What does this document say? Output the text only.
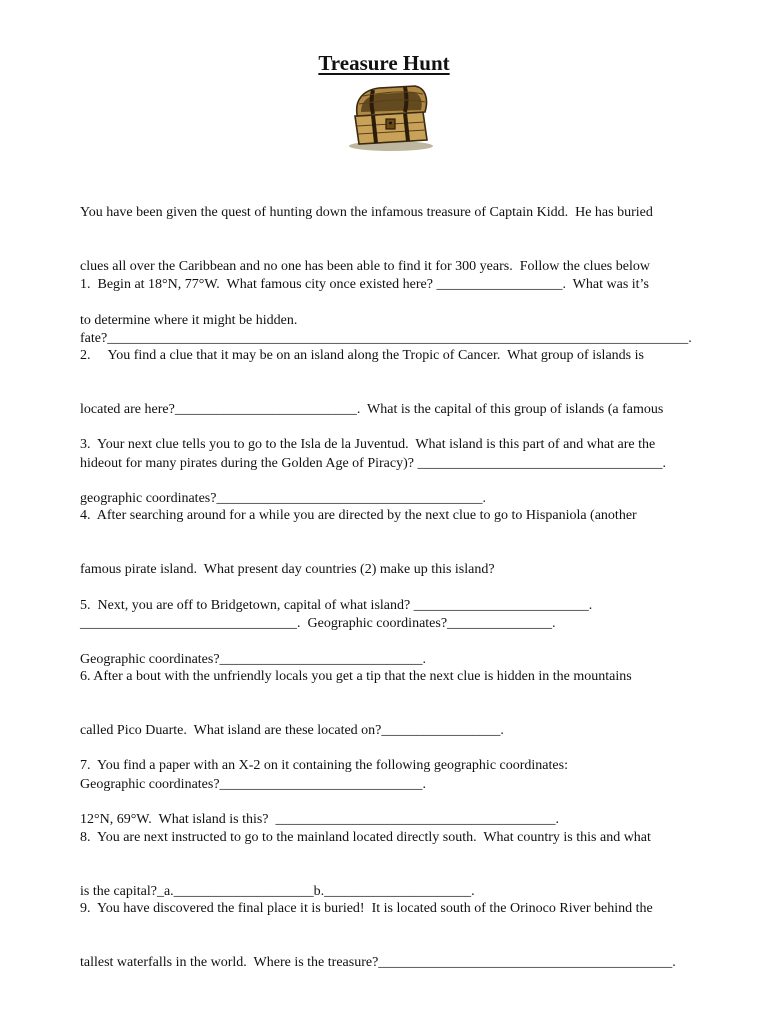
Treasure Hunt

You have been given the quest of hunting down the infamous treasure of Captain Kidd.  He has buried

clues all over the Caribbean and no one has been able to find it for 300 years.  Follow the clues below

to determine where it might be hidden.

1.  Begin at 18°N, 77°W.  What famous city once existed here? __________________.  What was it’s

fate?___________________________________________________________________________________.

2.     You find a clue that it may be on an island along the Tropic of Cancer.  What group of islands is

located are here?__________________________.  What is the capital of this group of islands (a famous

hideout for many pirates during the Golden Age of Piracy)? ___________________________________.

3.  Your next clue tells you to go to the Isla de la Juventud.  What island is this part of and what are the

geographic coordinates?______________________________________.

4.  After searching around for a while you are directed by the next clue to go to Hispaniola (another

famous pirate island.  What present day countries (2) make up this island?

_______________________________.  Geographic coordinates?_______________.

5.  Next, you are off to Bridgetown, capital of what island? _________________________.

Geographic coordinates?_____________________________.

6. After a bout with the unfriendly locals you get a tip that the next clue is hidden in the mountains

called Pico Duarte.  What island are these located on?_________________.

Geographic coordinates?_____________________________.

7.  You find a paper with an X-2 on it containing the following geographic coordinates:

12°N, 69°W.  What island is this?  ________________________________________.

8.  You are next instructed to go to the mainland located directly south.  What country is this and what

is the capital?_a.____________________b._____________________.

9.  You have discovered the final place it is buried!  It is located south of the Orinoco River behind the

tallest waterfalls in the world.  Where is the treasure?__________________________________________.
